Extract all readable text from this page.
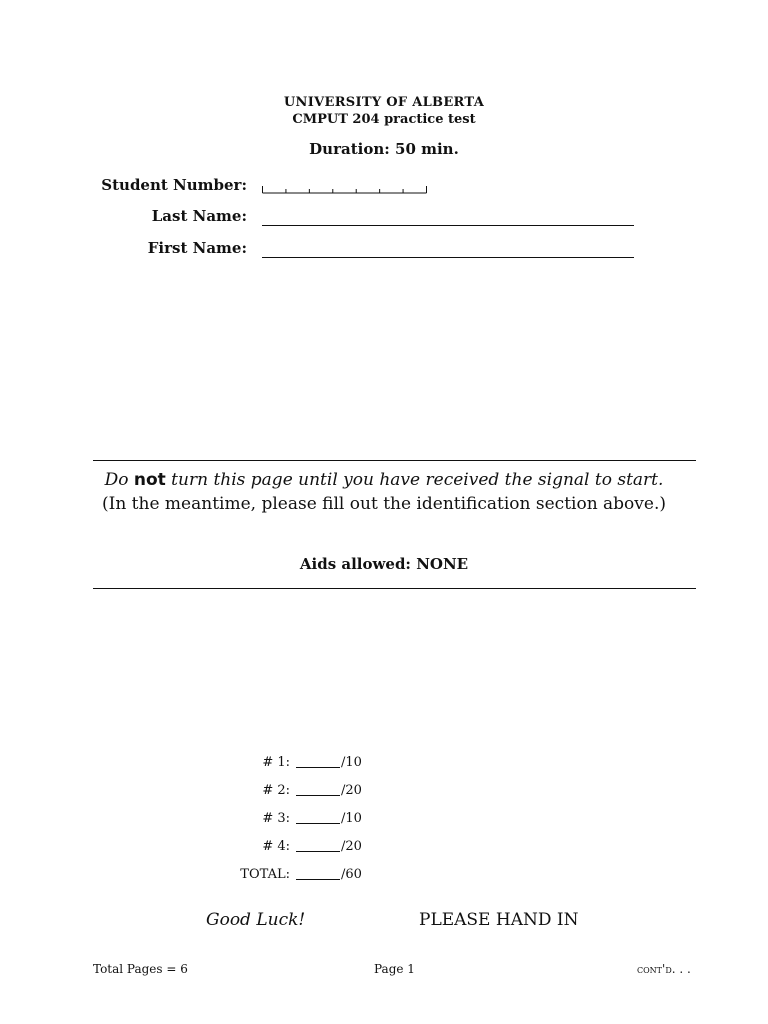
UNIVERSITY OF ALBERTA
CMPUT 204 practice test
Duration: 50 min.
Student Number:
Last Name:
First Name:
Do not turn this page until you have received the signal to start.
(In the meantime, please fill out the identification section above.)
Aids allowed: NONE
# 1:	/10
# 2:	/20
# 3:	/10
# 4:	/20
TOTAL:	/60
Good Luck!	PLEASE HAND IN
Total Pages = 6	Page 1	cont'd. . .
